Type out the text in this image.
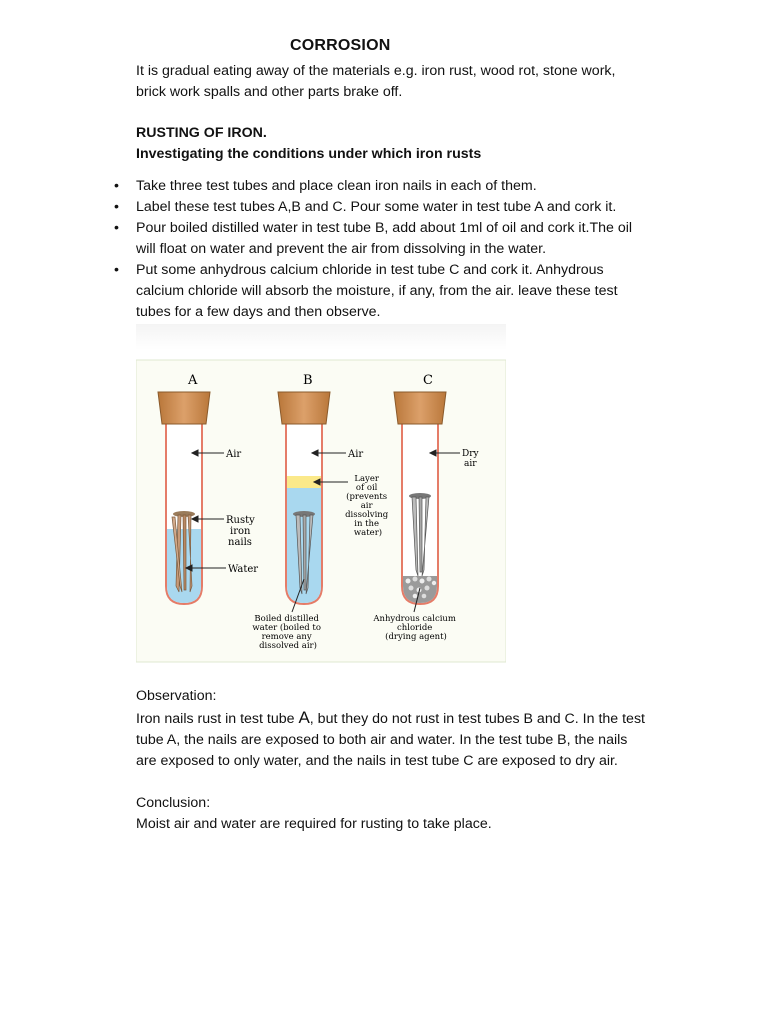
CORROSION

It is gradual eating away of the materials e.g. iron rust, wood rot, stone work,
brick work spalls and other parts brake off.

RUSTING OF IRON.

Investigating the conditions under which iron rusts

• Take three test tubes and place clean iron nails in each of them.
• Label these test tubes A,B and C. Pour some water in test tube A and cork it.
• Pour boiled distilled water in test tube B, add about 1ml of oil and cork it.The oil
will float on water and prevent the air from dissolving in the water.
• Put some anhydrous calcium chloride in test tube C and cork it. Anhydrous
calcium chloride will absorb the moisture, if any, from the air. leave these test
tubes for a few days and then observe.
A	B	C
Air	Air	Dry air
Rusty iron nails
Water
Layer of oil (prevents air dissolving in the water)
Boiled distilled water (boiled to remove any dissolved air)
Anhydrous calcium chloride (drying agent)

Observation:

Iron nails rust in test tube A, but they do not rust in test tubes B and C. In the test
tube A, the nails are exposed to both air and water. In the test tube B, the nails
are exposed to only water, and the nails in test tube C are exposed to dry air.

Conclusion:

Moist air and water are required for rusting to take place.
